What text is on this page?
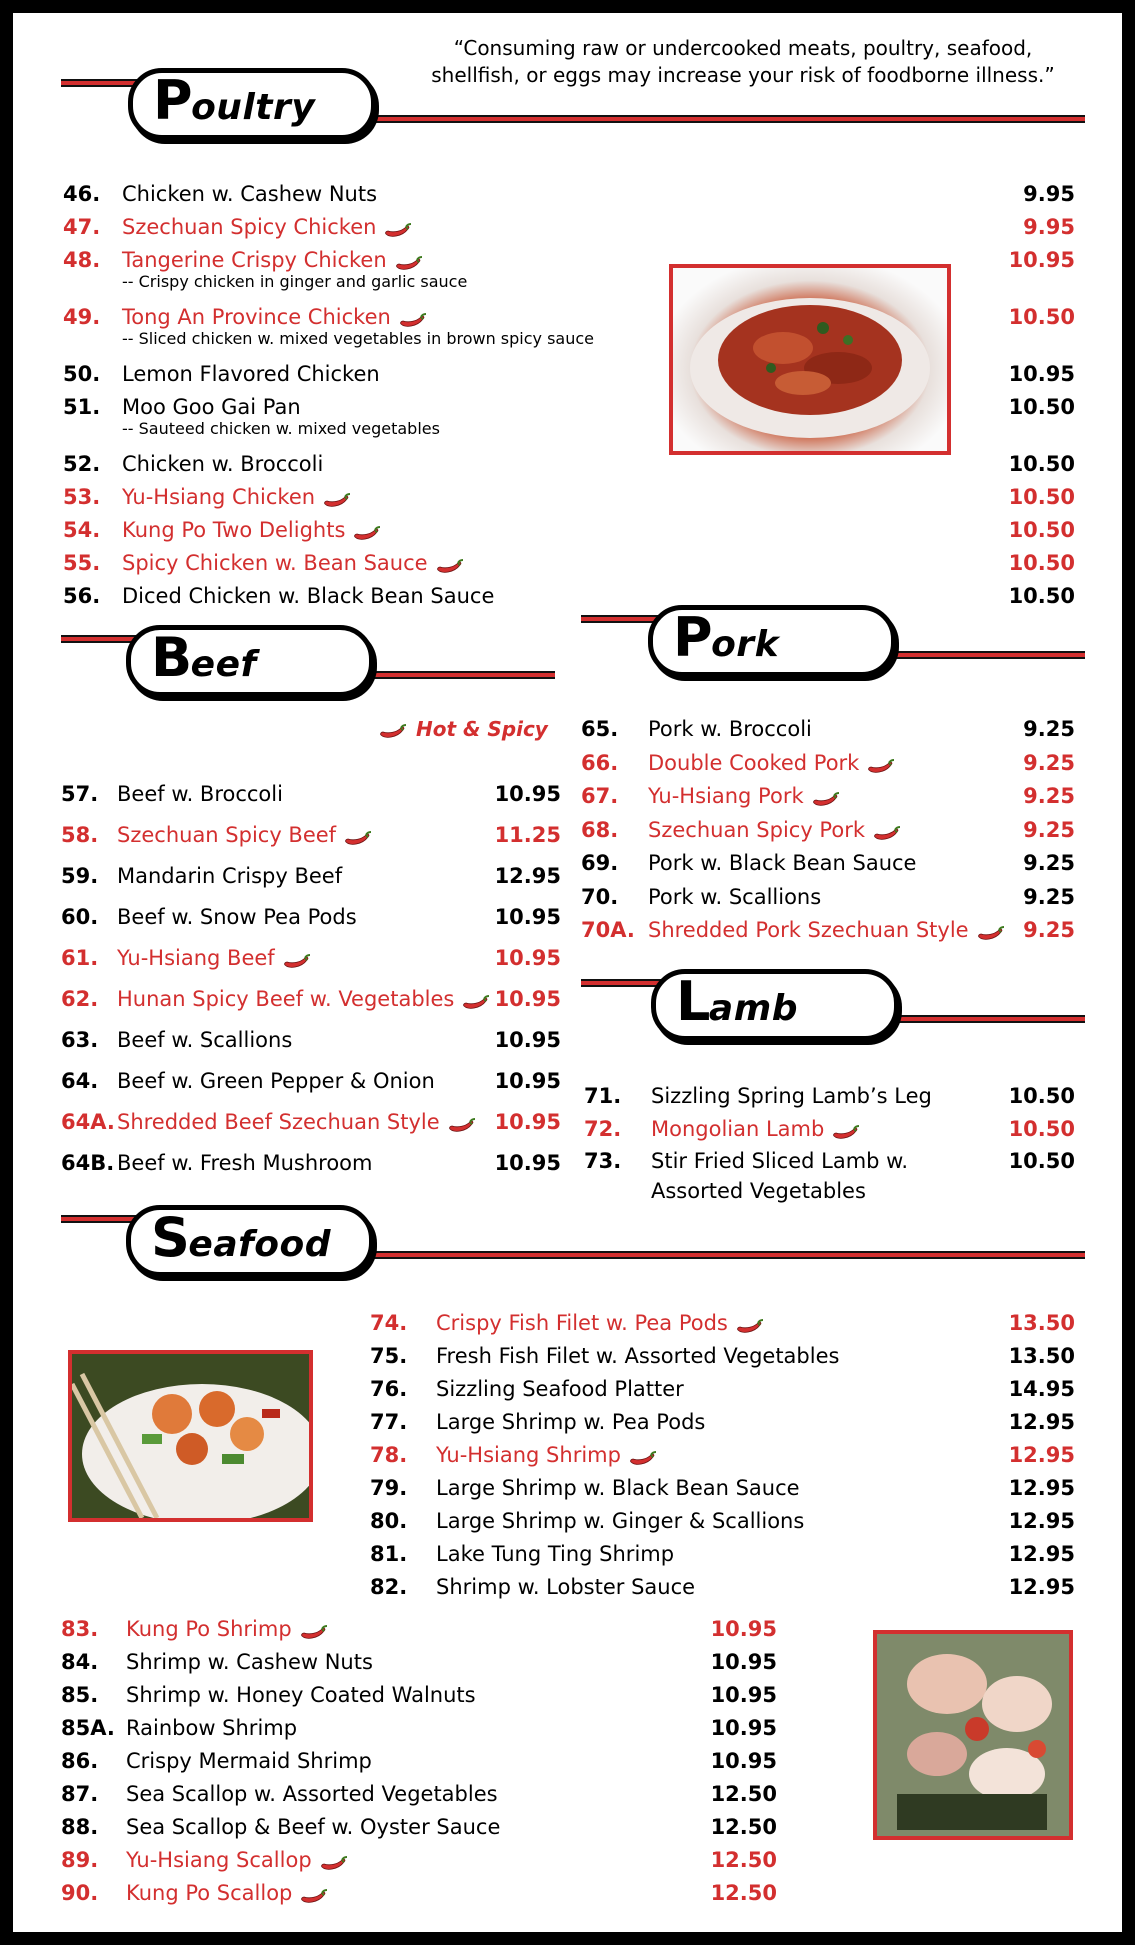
“Consuming raw or undercooked meats, poultry, seafood,
shellfish, or eggs may increase your risk of foodborne illness.”
Poultry
46. Chicken w. Cashew Nuts	9.95
47. Szechuan Spicy Chicken	9.95
48. Tangerine Crispy Chicken	10.95
-- Crispy chicken in ginger and garlic sauce
49. Tong An Province Chicken	10.50
-- Sliced chicken w. mixed vegetables in brown spicy sauce
50. Lemon Flavored Chicken	10.95
51. Moo Goo Gai Pan	10.50
-- Sauteed chicken w. mixed vegetables
52. Chicken w. Broccoli	10.50
53. Yu-Hsiang Chicken	10.50
54. Kung Po Two Delights	10.50
55. Spicy Chicken w. Bean Sauce	10.50
56. Diced Chicken w. Black Bean Sauce	10.50
Beef
Hot & Spicy
57. Beef w. Broccoli	10.95
58. Szechuan Spicy Beef	11.25
59. Mandarin Crispy Beef	12.95
60. Beef w. Snow Pea Pods	10.95
61. Yu-Hsiang Beef	10.95
62. Hunan Spicy Beef w. Vegetables	10.95
63. Beef w. Scallions	10.95
64. Beef w. Green Pepper & Onion	10.95
64A. Shredded Beef Szechuan Style	10.95
64B. Beef w. Fresh Mushroom	10.95
Pork
65. Pork w. Broccoli	9.25
66. Double Cooked Pork	9.25
67. Yu-Hsiang Pork	9.25
68. Szechuan Spicy Pork	9.25
69. Pork w. Black Bean Sauce	9.25
70. Pork w. Scallions	9.25
70A. Shredded Pork Szechuan Style	9.25
Lamb
71. Sizzling Spring Lamb’s Leg	10.50
72. Mongolian Lamb	10.50
73. Stir Fried Sliced Lamb w.	10.50
Assorted Vegetables
Seafood
74. Crispy Fish Filet w. Pea Pods	13.50
75. Fresh Fish Filet w. Assorted Vegetables	13.50
76. Sizzling Seafood Platter	14.95
77. Large Shrimp w. Pea Pods	12.95
78. Yu-Hsiang Shrimp	12.95
79. Large Shrimp w. Black Bean Sauce	12.95
80. Large Shrimp w. Ginger & Scallions	12.95
81. Lake Tung Ting Shrimp	12.95
82. Shrimp w. Lobster Sauce	12.95
83. Kung Po Shrimp	10.95
84. Shrimp w. Cashew Nuts	10.95
85. Shrimp w. Honey Coated Walnuts	10.95
85A. Rainbow Shrimp	10.95
86. Crispy Mermaid Shrimp	10.95
87. Sea Scallop w. Assorted Vegetables	12.50
88. Sea Scallop & Beef w. Oyster Sauce	12.50
89. Yu-Hsiang Scallop	12.50
90. Kung Po Scallop	12.50
